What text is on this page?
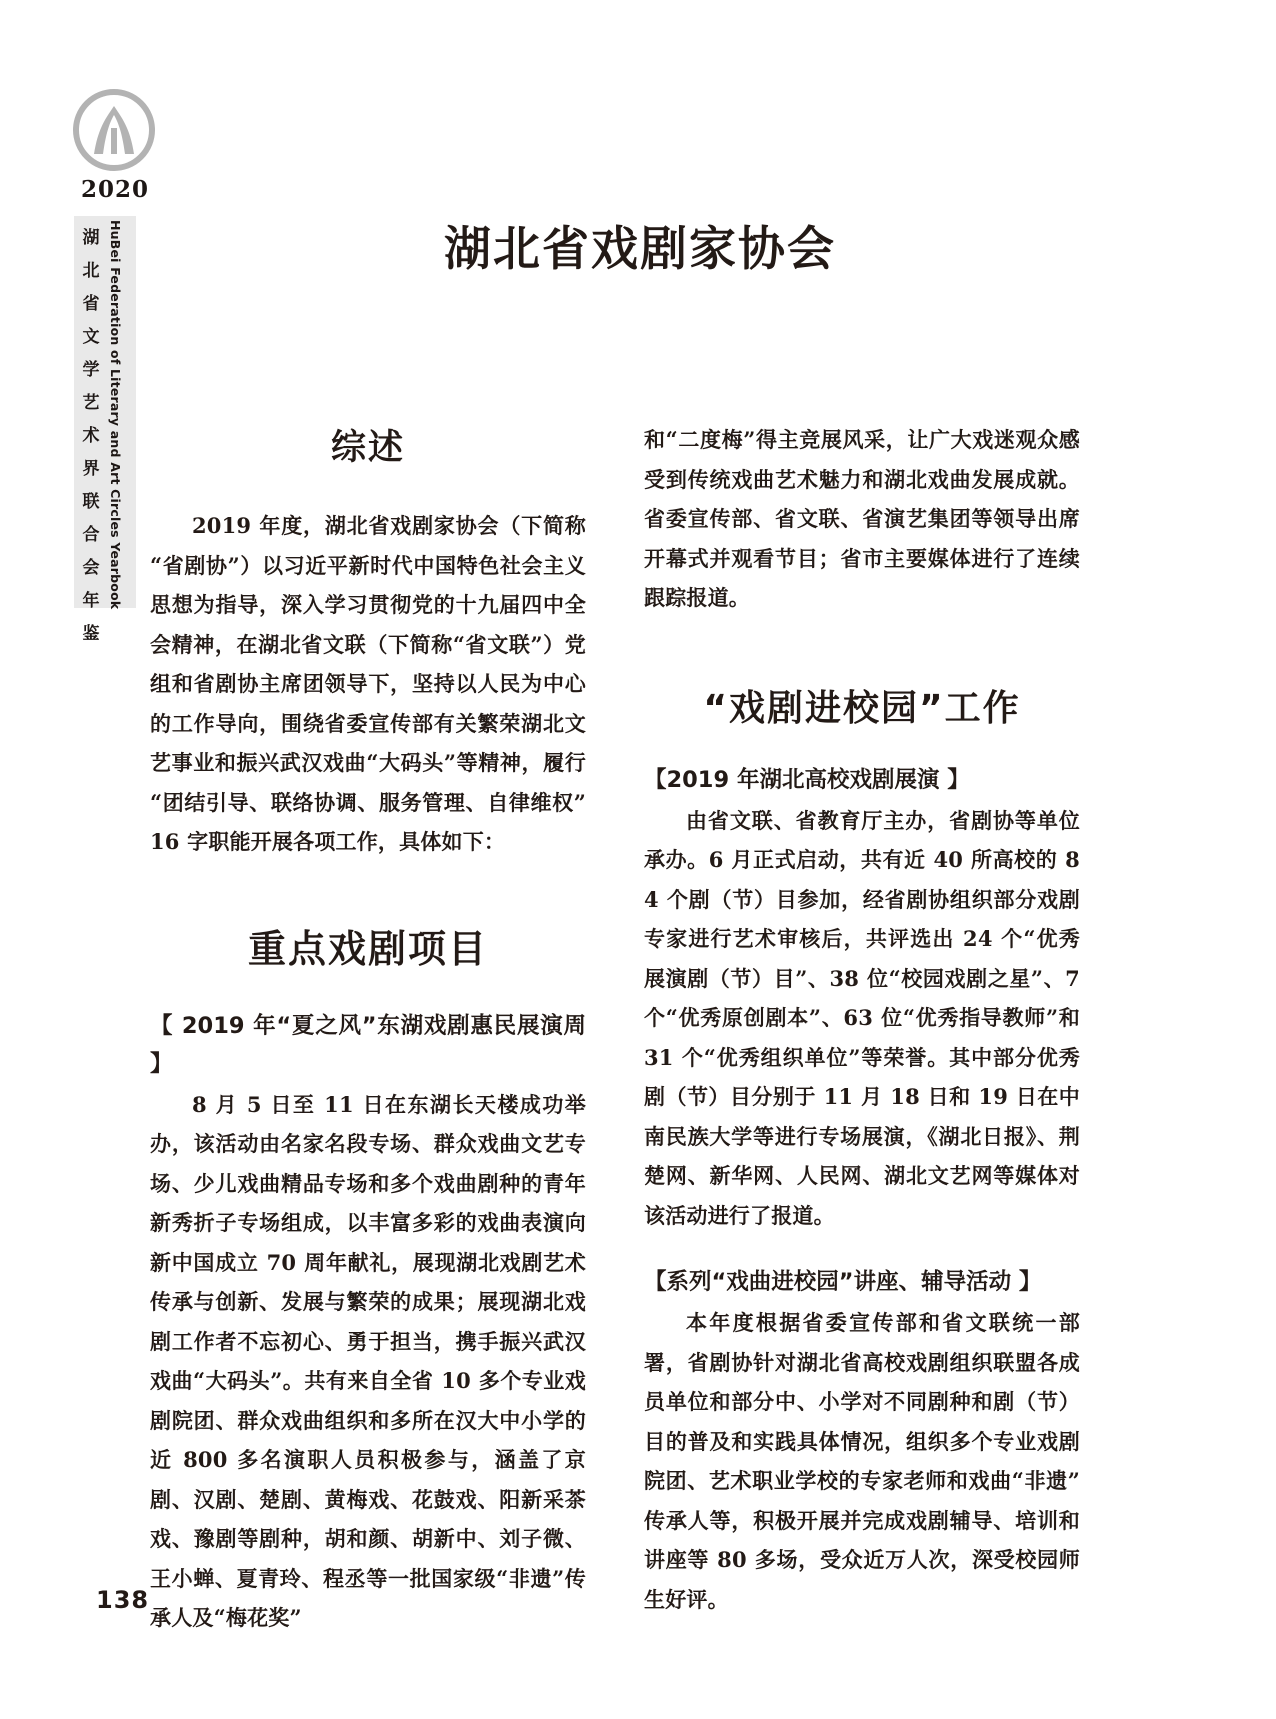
2020
湖
北
省
文
学
艺
术
界
联
合
会
年
鉴
HuBei Federation of Literary and Art Circles Yearbook	湖北省戏剧家协会
综述

2019 年度，湖北省戏剧家协会（下简称“省剧协”）以习近平新时代中国特色社会主义思想为指导，深入学习贯彻党的十九届四中全会精神，在湖北省文联（下简称“省文联”）党组和省剧协主席团领导下，坚持以人民为中心的工作导向，围绕省委宣传部有关繁荣湖北文艺事业和振兴武汉戏曲“大码头”等精神，履行“团结引导、联络协调、服务管理、自律维权”16 字职能开展各项工作，具体如下：

重点戏剧项目
【 2019 年“夏之风”东湖戏剧惠民展演周 】

8 月 5 日至 11 日在东湖长天楼成功举办，该活动由名家名段专场、群众戏曲文艺专场、少儿戏曲精品专场和多个戏曲剧种的青年新秀折子专场组成，以丰富多彩的戏曲表演向新中国成立 70 周年献礼，展现湖北戏剧艺术传承与创新、发展与繁荣的成果；展现湖北戏剧工作者不忘初心、勇于担当，携手振兴武汉戏曲“大码头”。共有来自全省 10 多个专业戏剧院团、群众戏曲组织和多所在汉大中小学的近 800 多名演职人员积极参与，涵盖了京剧、汉剧、楚剧、黄梅戏、花鼓戏、阳新采茶戏、豫剧等剧种，胡和颜、胡新中、刘子微、王小蝉、夏青玲、程丞等一批国家级“非遗”传承人及“梅花奖”

和“二度梅”得主竞展风采，让广大戏迷观众感受到传统戏曲艺术魅力和湖北戏曲发展成就。省委宣传部、省文联、省演艺集团等领导出席开幕式并观看节目；省市主要媒体进行了连续跟踪报道。

“戏剧进校园”工作
【2019 年湖北高校戏剧展演 】

由省文联、省教育厅主办，省剧协等单位承办。6 月正式启动，共有近 40 所高校的 84 个剧（节）目参加，经省剧协组织部分戏剧专家进行艺术审核后，共评选出 24 个“优秀展演剧（节）目”、38 位“校园戏剧之星”、7 个“优秀原创剧本”、63 位“优秀指导教师”和 31 个“优秀组织单位”等荣誉。其中部分优秀剧（节）目分别于 11 月 18 日和 19 日在中南民族大学等进行专场展演，《湖北日报》、荆楚网、新华网、人民网、湖北文艺网等媒体对该活动进行了报道。

【系列“戏曲进校园”讲座、辅导活动 】

本年度根据省委宣传部和省文联统一部署，省剧协针对湖北省高校戏剧组织联盟各成员单位和部分中、小学对不同剧种和剧（节）目的普及和实践具体情况，组织多个专业戏剧院团、艺术职业学校的专家老师和戏曲“非遗”传承人等，积极开展并完成戏剧辅导、培训和讲座等 80 多场，受众近万人次，深受校园师生好评。

138
